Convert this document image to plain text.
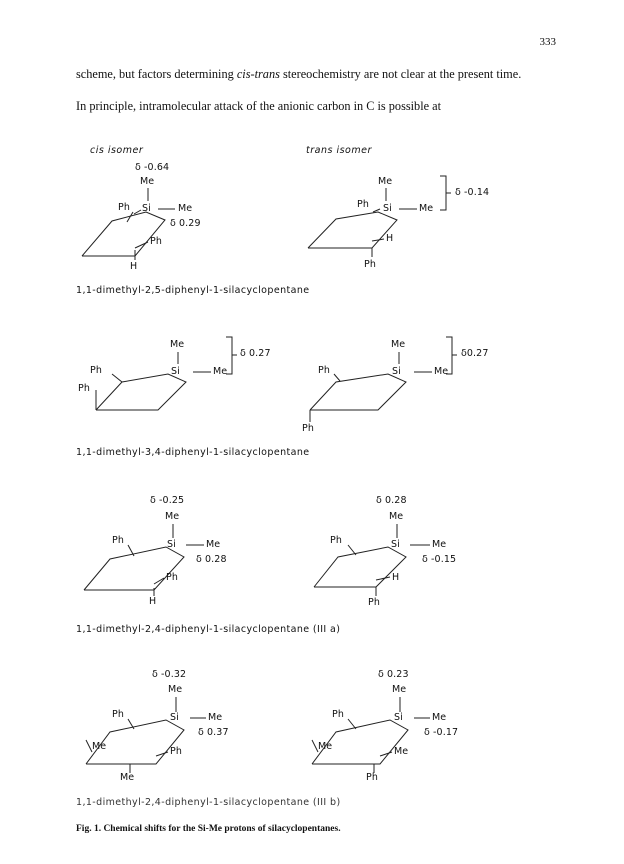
333
scheme, but factors determining cis-trans stereochemistry are not clear at the present time.
In principle, intramolecular attack of the anionic carbon in C is possible at
cis isomer	trans isomer
δ -0.64
Me
Ph Si	Me
δ 0.29
Ph
H
Me
Ph Si	Me
δ -0.14
H
Ph
1,1-dimethyl-2,5-diphenyl-1-silacyclopentane
Me
δ 0.27
Ph	Si	Me
Ph
Me
δ0.27
Ph	Si	Me
Ph
1,1-dimethyl-3,4-diphenyl-1-silacyclopentane
δ -0.25
Me
Ph	Si	Me
δ 0.28
Ph
H
δ 0.28
Me
Ph	Si	Me
δ -0.15
H
Ph
1,1-dimethyl-2,4-diphenyl-1-silacyclopentane (III a)
δ -0.32
Me
Ph	Si	Me
δ 0.37
Me	Ph
Me
δ 0.23
Me
Ph	Si	Me
δ -0.17
Me	Me
Ph
1,1-dimethyl-2,4-diphenyl-1-silacyclopentane (III b)
Fig. 1. Chemical shifts for the Si-Me protons of silacyclopentanes.
